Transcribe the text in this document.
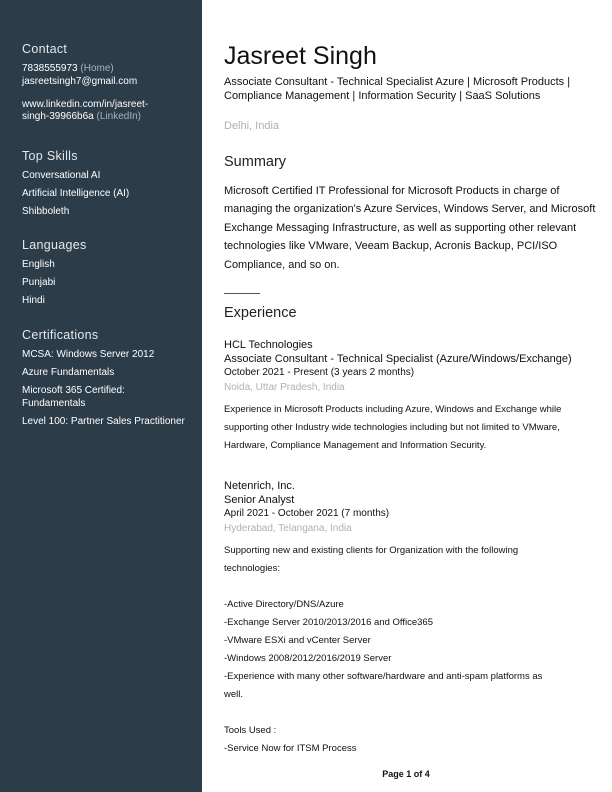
Contact
7838555973 (Home)
jasreetsingh7@gmail.com
www.linkedin.com/in/jasreet-
singh-39966b6a (LinkedIn)
Top Skills
Conversational AI
Artificial Intelligence (AI)
Shibboleth
Languages
English
Punjabi
Hindi
Certifications
MCSA: Windows Server 2012
Azure Fundamentals
Microsoft 365 Certified:
Fundamentals
Level 100: Partner Sales Practitioner
Jasreet Singh
Associate Consultant - Technical Specialist Azure | Microsoft Products | Compliance Management | Information Security | SaaS Solutions
Delhi, India
Summary
Microsoft Certified IT Professional for Microsoft Products in charge of managing the organization's Azure Services, Windows Server, and Microsoft Exchange Messaging Infrastructure, as well as supporting other relevant technologies like VMware, Veeam Backup, Acronis Backup, PCI/ISO Compliance, and so on.
Experience
HCL Technologies
Associate Consultant - Technical Specialist (Azure/Windows/Exchange)
October 2021 - Present (3 years 2 months)
Noida, Uttar Pradesh, India
Experience in Microsoft Products including Azure, Windows and Exchange while supporting other Industry wide technologies including but not limited to VMware, Hardware, Compliance Management and Information Security.
Netenrich, Inc.
Senior Analyst
April 2021 - October 2021 (7 months)
Hyderabad, Telangana, India
Supporting new and existing clients for Organization with the following
technologies:
-Active Directory/DNS/Azure
-Exchange Server 2010/2013/2016 and Office365
-VMware ESXi and vCenter Server
-Windows 2008/2012/2016/2019 Server
-Experience with many other software/hardware and anti-spam platforms as
well.
Tools Used :
-Service Now for ITSM Process
Page 1 of 4
